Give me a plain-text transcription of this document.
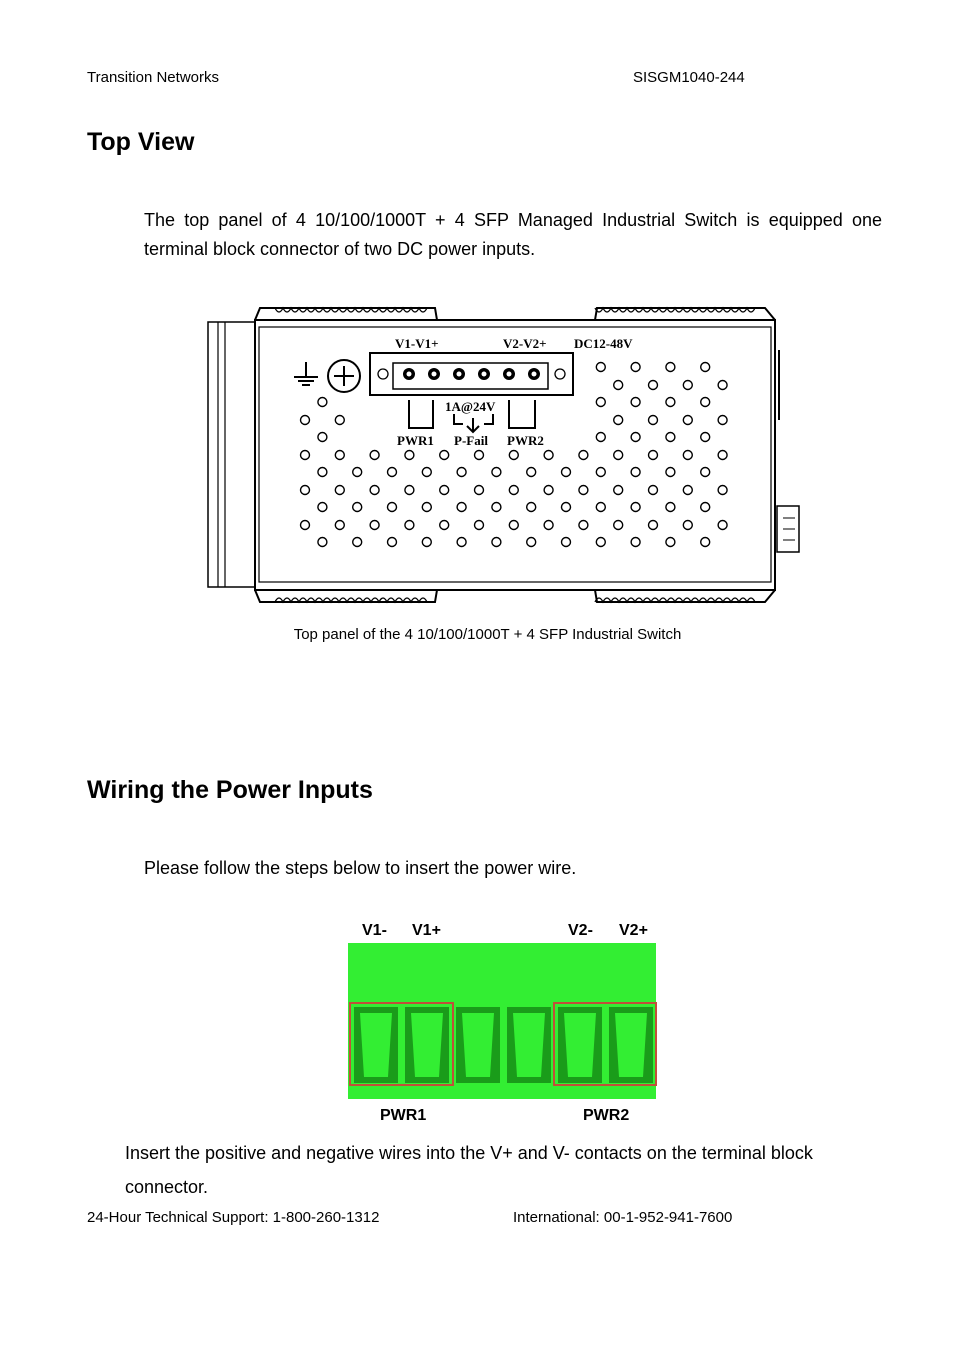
Transition Networks	SISGM1040-244
Top View
The top panel of 4 10/100/1000T + 4 SFP Managed Industrial Switch is equipped one terminal block connector of two DC power inputs.
V1-V1+	V2-V2+ DC12-48V
1A@24V
PWR1 P-Fail PWR2
Top panel of the 4 10/100/1000T + 4 SFP Industrial Switch
Wiring the Power Inputs
Please follow the steps below to insert the power wire.
V1- V1+	V2- V2+
PWR1	PWR2
Insert the positive and negative wires into the V+ and V- contacts on the terminal block connector.
24-Hour Technical Support: 1-800-260-1312	International: 00-1-952-941-7600
